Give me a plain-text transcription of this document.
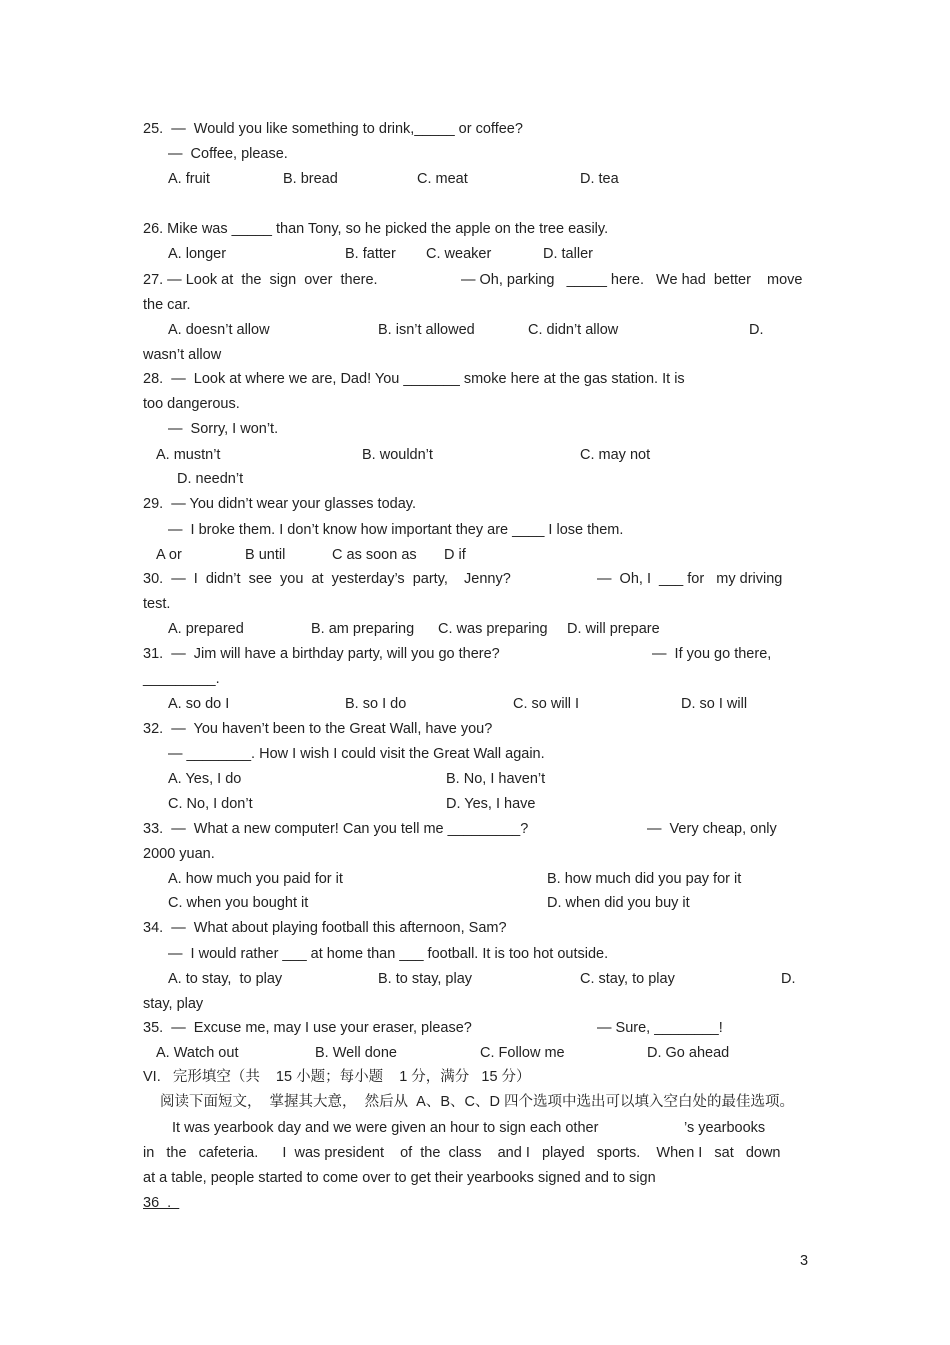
25.  —  Would you like something to drink,_____ or coffee?
—  Coffee, please.
A. fruit	B. bread	C. meat	D. tea
26. Mike was _____ than Tony, so he picked the apple on the tree easily.
A. longer	B. fatter C. weaker	D. taller
27. — Look at  the  sign  over  there.	— Oh, parking   _____ here.   We had  better    move
the car.
A. doesn’t allow	B. isn’t allowed	C. didn’t allow	D.
wasn’t allow
28.  —  Look at where we are, Dad! You _______ smoke here at the gas station. It is
too dangerous.
—  Sorry, I won’t.
A. mustn’t	B. wouldn’t	C. may not
D. needn’t
29.  — You didn’t wear your glasses today.
—  I broke them. I don’t know how important they are ____ I lose them.
A or	B until	C as soon as D if
30.  —  I  didn’t  see  you  at  yesterday’s  party,    Jenny?	—  Oh, I  ___ for   my driving
test.
A. prepared	B. am preparing C. was preparing D. will prepare
31.  —  Jim will have a birthday party, will you go there?	—  If you go there,
_________.
A. so do I	B. so I do	C. so will I	D. so I will
32.  —  You haven’t been to the Great Wall, have you?
— ________. How I wish I could visit the Great Wall again.
A. Yes, I do	B. No, I haven’t
C. No, I don’t	D. Yes, I have
33.  —  What a new computer! Can you tell me _________?	—  Very cheap, only
2000 yuan.
A. how much you paid for it	B. how much did you pay for it
C. when you bought it	D. when did you buy it
34.  —  What about playing football this afternoon, Sam?
—  I would rather ___ at home than ___ football. It is too hot outside.
A. to stay,  to play	B. to stay, play	C. stay, to play	D.
stay, play
35.  —  Excuse me, may I use your eraser, please?	— Sure, ________!
A. Watch out	B. Well done	C. Follow me	D. Go ahead
VI.   完形填空（共    15 小题；每小题    1 分，满分   15 分）
阅读下面短文，  掌握其大意，  然后从  A、B、C、D 四个选项中选出可以填入空白处的最佳选项。
It was yearbook day and we were given an hour to sign each other	’s yearbooks
in   the   cafeteria.      I  was president    of  the  class    and I   played   sports.    When I   sat   down
at a table, people started to come over to get their yearbooks signed and to sign
36  .
3
